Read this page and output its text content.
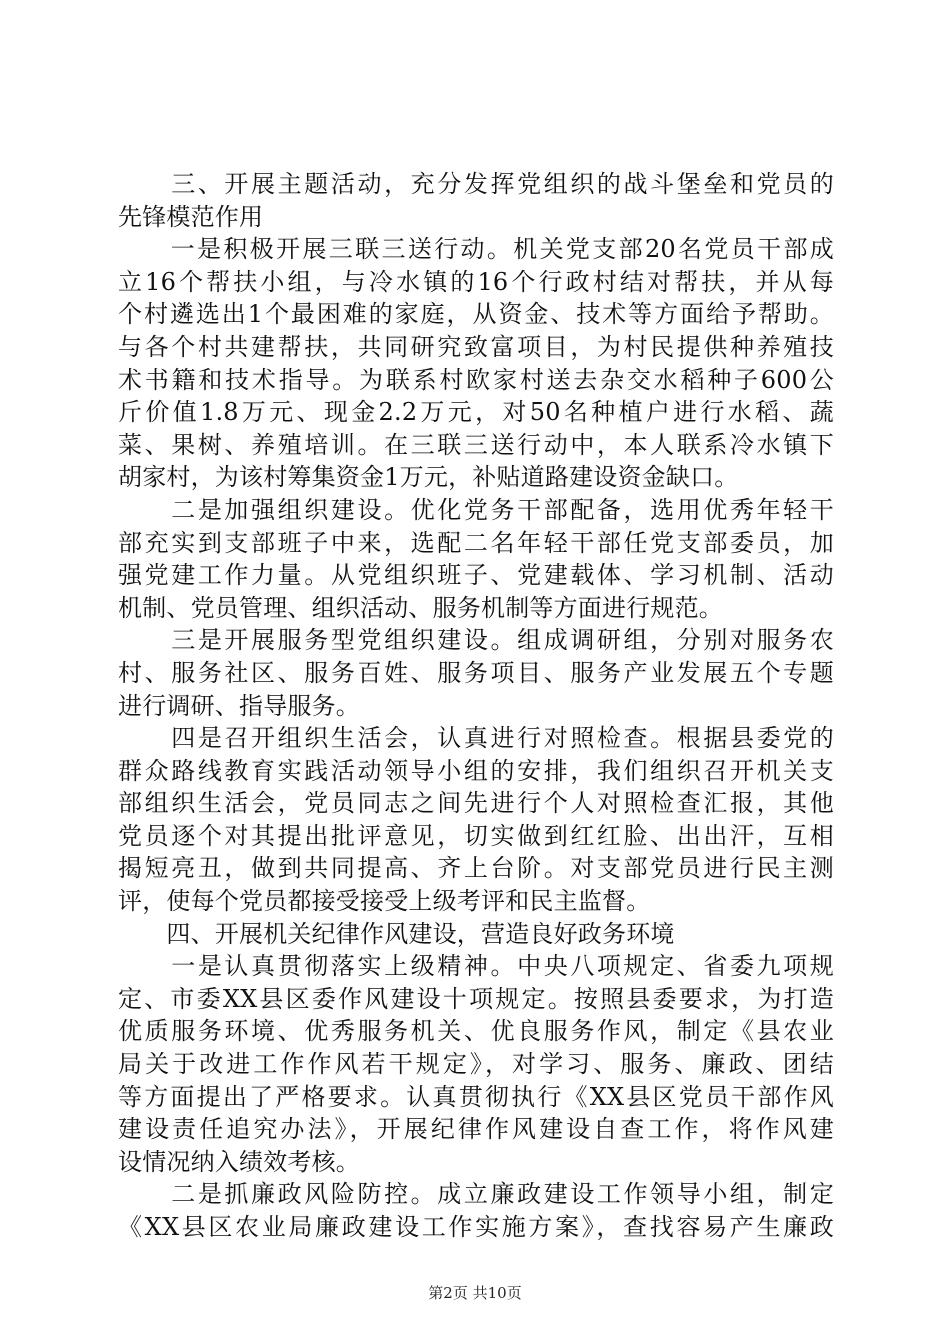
　　三、开展主题活动，充分发挥党组织的战斗堡垒和党员的
先锋模范作用
　　一是积极开展三联三送行动。机关党支部20名党员干部成
立16个帮扶小组，与冷水镇的16个行政村结对帮扶，并从每
个村遴选出1个最困难的家庭，从资金、技术等方面给予帮助。
与各个村共建帮扶，共同研究致富项目，为村民提供种养殖技
术书籍和技术指导。为联系村欧家村送去杂交水稻种子600公
斤价值1.8万元、现金2.2万元，对50名种植户进行水稻、蔬
菜、果树、养殖培训。在三联三送行动中，本人联系冷水镇下
胡家村，为该村筹集资金1万元，补贴道路建设资金缺口。
　　二是加强组织建设。优化党务干部配备，选用优秀年轻干
部充实到支部班子中来，选配二名年轻干部任党支部委员，加
强党建工作力量。从党组织班子、党建载体、学习机制、活动
机制、党员管理、组织活动、服务机制等方面进行规范。
　　三是开展服务型党组织建设。组成调研组，分别对服务农
村、服务社区、服务百姓、服务项目、服务产业发展五个专题
进行调研、指导服务。
　　四是召开组织生活会，认真进行对照检查。根据县委党的
群众路线教育实践活动领导小组的安排，我们组织召开机关支
部组织生活会，党员同志之间先进行个人对照检查汇报，其他
党员逐个对其提出批评意见，切实做到红红脸、出出汗，互相
揭短亮丑，做到共同提高、齐上台阶。对支部党员进行民主测
评，使每个党员都接受接受上级考评和民主监督。
　　四、开展机关纪律作风建设，营造良好政务环境
　　一是认真贯彻落实上级精神。中央八项规定、省委九项规
定、市委XX县区委作风建设十项规定。按照县委要求，为打造
优质服务环境、优秀服务机关、优良服务作风，制定《县农业
局关于改进工作作风若干规定》，对学习、服务、廉政、团结
等方面提出了严格要求。认真贯彻执行《XX县区党员干部作风
建设责任追究办法》，开展纪律作风建设自查工作，将作风建
设情况纳入绩效考核。
　　二是抓廉政风险防控。成立廉政建设工作领导小组，制定
《XX县区农业局廉政建设工作实施方案》，查找容易产生廉政
第2页 共10页
